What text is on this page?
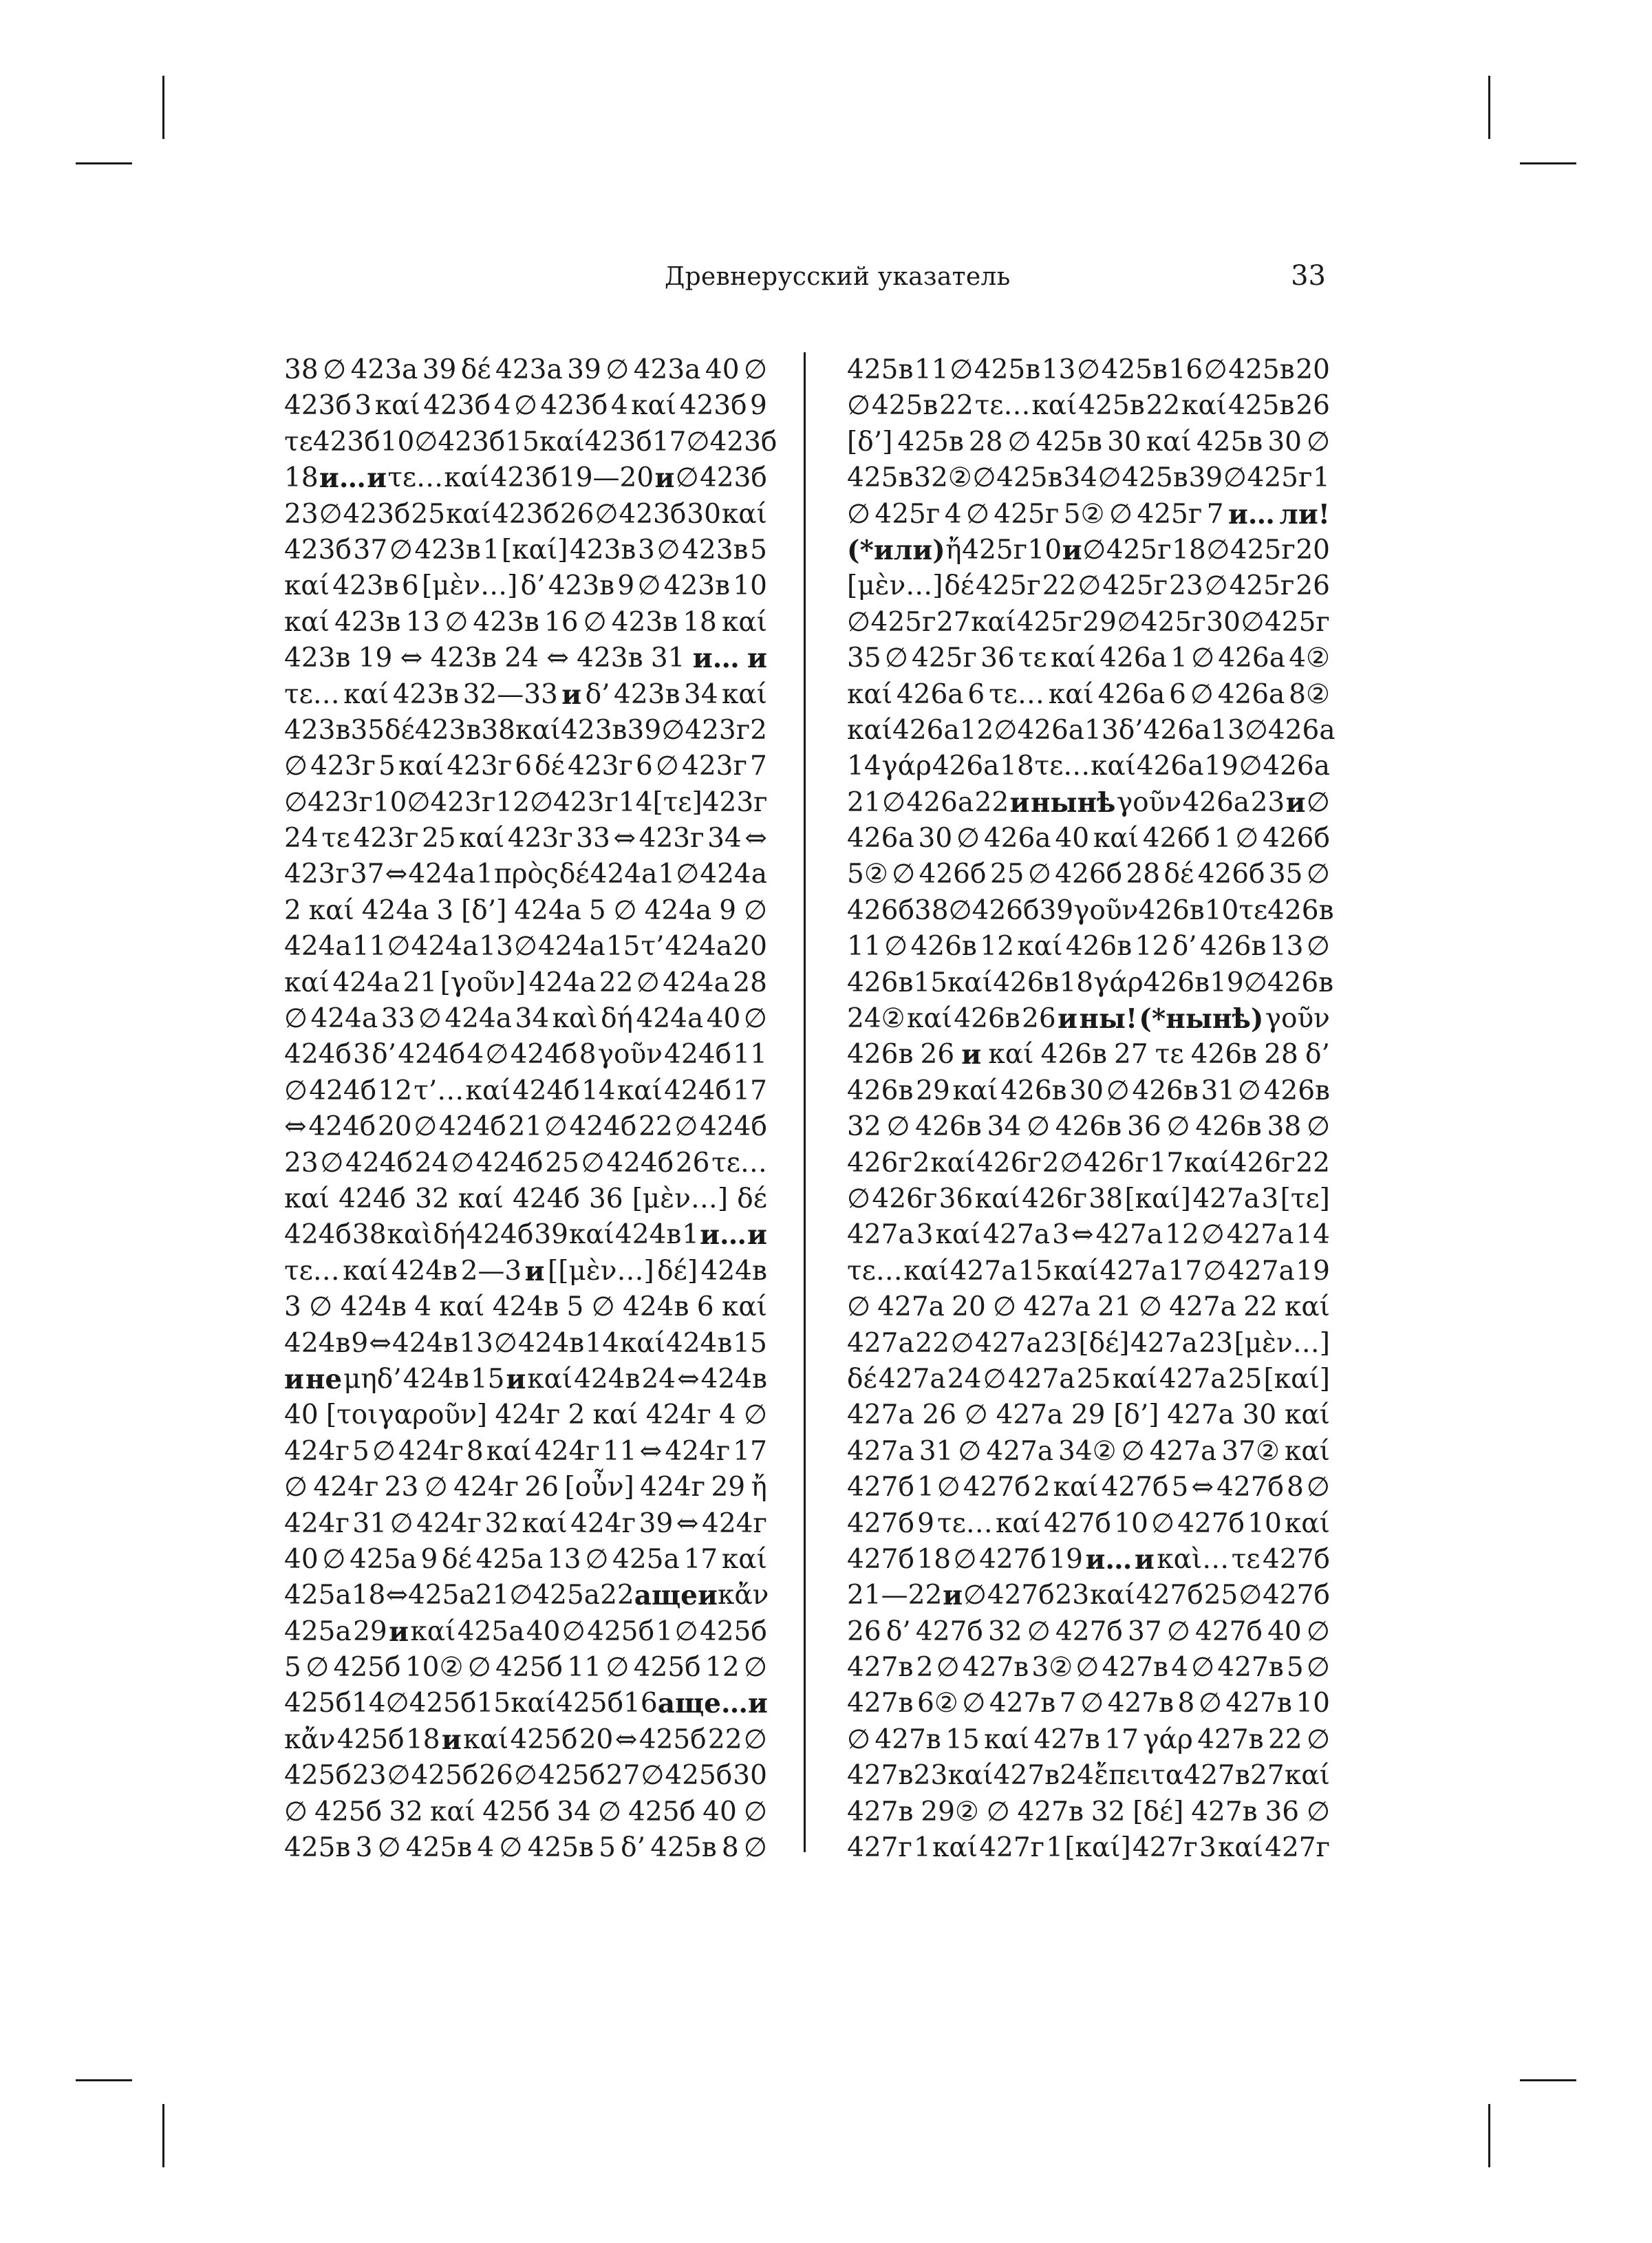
Древнерусский указатель	33
38 ∅ 423а 39 δέ 423а 39 ∅ 423а 40 ∅
423б 3 καί 423б 4 ∅ 423б 4 καί 423б 9
τε 423б 10 ∅ 423б 15 καί 423б 17 ∅ 423б
18 и… и τε… καί 423б 19—20 и ∅ 423б
23 ∅ 423б 25 καί 423б 26 ∅ 423б 30 καί
423б 37 ∅ 423в 1 [καί] 423в 3 ∅ 423в 5
καί 423в 6 [μὲν…] δ’ 423в 9 ∅ 423в 10
καί 423в 13 ∅ 423в 16 ∅ 423в 18 καί
423в 19 ⇔ 423в 24 ⇔ 423в 31 и… и
τε… καί 423в 32—33 и δ’ 423в 34 καί
423в 35 δέ 423в 38 καί 423в 39 ∅ 423г 2
∅ 423г 5 καί 423г 6 δέ 423г 6 ∅ 423г 7
∅ 423г 10 ∅ 423г 12 ∅ 423г 14 [τε] 423г
24 τε 423г 25 καί 423г 33 ⇔ 423г 34 ⇔
423г 37 ⇔ 424а 1 πρὸς δέ 424а 1 ∅ 424а
2 καί 424а 3 [δ’] 424а 5 ∅ 424а 9 ∅
424а 11 ∅ 424а 13 ∅ 424а 15 τ’ 424а 20
καί 424а 21 [γοῦν] 424а 22 ∅ 424а 28
∅ 424а 33 ∅ 424а 34 καὶ δή 424а 40 ∅
424б 3 δ’ 424б 4 ∅ 424б 8 γοῦν 424б 11
∅ 424б 12 τ’… καί 424б 14 καί 424б 17
⇔ 424б 20 ∅ 424б 21 ∅ 424б 22 ∅ 424б
23 ∅ 424б 24 ∅ 424б 25 ∅ 424б 26 τε…
καί 424б 32 καί 424б 36 [μὲν…] δέ
424б 38 καὶ δή 424б 39 καί 424в 1 и… и
τε… καί 424в 2—3 и [[μὲν…] δέ] 424в
3 ∅ 424в 4 καί 424в 5 ∅ 424в 6 καί
424в 9 ⇔ 424в 13 ∅ 424в 14 καί 424в 15
и не μηδ’ 424в 15 и καί 424в 24 ⇔ 424в
40 [τοιγαροῦν] 424г 2 καί 424г 4 ∅
424г 5 ∅ 424г 8 καί 424г 11 ⇔ 424г 17
∅ 424г 23 ∅ 424г 26 [οὖν] 424г 29 ἤ
424г 31 ∅ 424г 32 καί 424г 39 ⇔ 424г
40 ∅ 425а 9 δέ 425а 13 ∅ 425а 17 καί
425а 18 ⇔ 425а 21 ∅ 425а 22 аще и κἄν
425а 29 и καί 425а 40 ∅ 425б 1 ∅ 425б
5 ∅ 425б 10② ∅ 425б 11 ∅ 425б 12 ∅
425б 14 ∅ 425б 15 καί 425б 16 аще… и
κἄν 425б 18 и καί 425б 20 ⇔ 425б 22 ∅
425б 23 ∅ 425б 26 ∅ 425б 27 ∅ 425б 30
∅ 425б 32 καί 425б 34 ∅ 425б 40 ∅
425в 3 ∅ 425в 4 ∅ 425в 5 δ’ 425в 8 ∅
425в 11 ∅ 425в 13 ∅ 425в 16 ∅ 425в 20
∅ 425в 22 τε… καί 425в 22 καί 425в 26
[δ’] 425в 28 ∅ 425в 30 καί 425в 30 ∅
425в 32② ∅ 425в 34 ∅ 425в 39 ∅ 425г 1
∅ 425г 4 ∅ 425г 5② ∅ 425г 7 и… ли!
(*или) ἤ 425г 10 и ∅ 425г 18 ∅ 425г 20
[μὲν…] δέ 425г 22 ∅ 425г 23 ∅ 425г 26
∅ 425г 27 καί 425г 29 ∅ 425г 30 ∅ 425г
35 ∅ 425г 36 τε καί 426а 1 ∅ 426а 4②
καί 426а 6 τε… καί 426а 6 ∅ 426а 8②
καί 426а 12 ∅ 426а 13 δ’ 426а 13 ∅ 426а
14 γάρ 426а 18 τε… καί 426а 19 ∅ 426а
21 ∅ 426а 22 и нынѣ γοῦν 426а 23 и ∅
426а 30 ∅ 426а 40 καί 426б 1 ∅ 426б
5② ∅ 426б 25 ∅ 426б 28 δέ 426б 35 ∅
426б 38 ∅ 426б 39 γοῦν 426в 10 τε 426в
11 ∅ 426в 12 καί 426в 12 δ’ 426в 13 ∅
426в 15 καί 426в 18 γάρ 426в 19 ∅ 426в
24② καί 426в 26 и ны! (*нынѣ) γοῦν
426в 26 и καί 426в 27 τε 426в 28 δ’
426в 29 καί 426в 30 ∅ 426в 31 ∅ 426в
32 ∅ 426в 34 ∅ 426в 36 ∅ 426в 38 ∅
426г 2 καί 426г 2 ∅ 426г 17 καί 426г 22
∅ 426г 36 καί 426г 38 [καί] 427а 3 [τε]
427а 3 καί 427а 3 ⇔ 427а 12 ∅ 427а 14
τε… καί 427а 15 καί 427а 17 ∅ 427а 19
∅ 427а 20 ∅ 427а 21 ∅ 427а 22 καί
427а 22 ∅ 427а 23 [δέ] 427а 23 [μὲν…]
δέ 427а 24 ∅ 427а 25 καί 427а 25 [καί]
427а 26 ∅ 427а 29 [δ’] 427а 30 καί
427а 31 ∅ 427а 34② ∅ 427а 37② καί
427б 1 ∅ 427б 2 καί 427б 5 ⇔ 427б 8 ∅
427б 9 τε… καί 427б 10 ∅ 427б 10 καί
427б 18 ∅ 427б 19 и… и καὶ… τε 427б
21—22 и ∅ 427б 23 καί 427б 25 ∅ 427б
26 δ’ 427б 32 ∅ 427б 37 ∅ 427б 40 ∅
427в 2 ∅ 427в 3② ∅ 427в 4 ∅ 427в 5 ∅
427в 6② ∅ 427в 7 ∅ 427в 8 ∅ 427в 10
∅ 427в 15 καί 427в 17 γάρ 427в 22 ∅
427в 23 καί 427в 24 ἔπειτα 427в 27 καί
427в 29② ∅ 427в 32 [δέ] 427в 36 ∅
427г 1 καί 427г 1 [καί] 427г 3 καί 427г
